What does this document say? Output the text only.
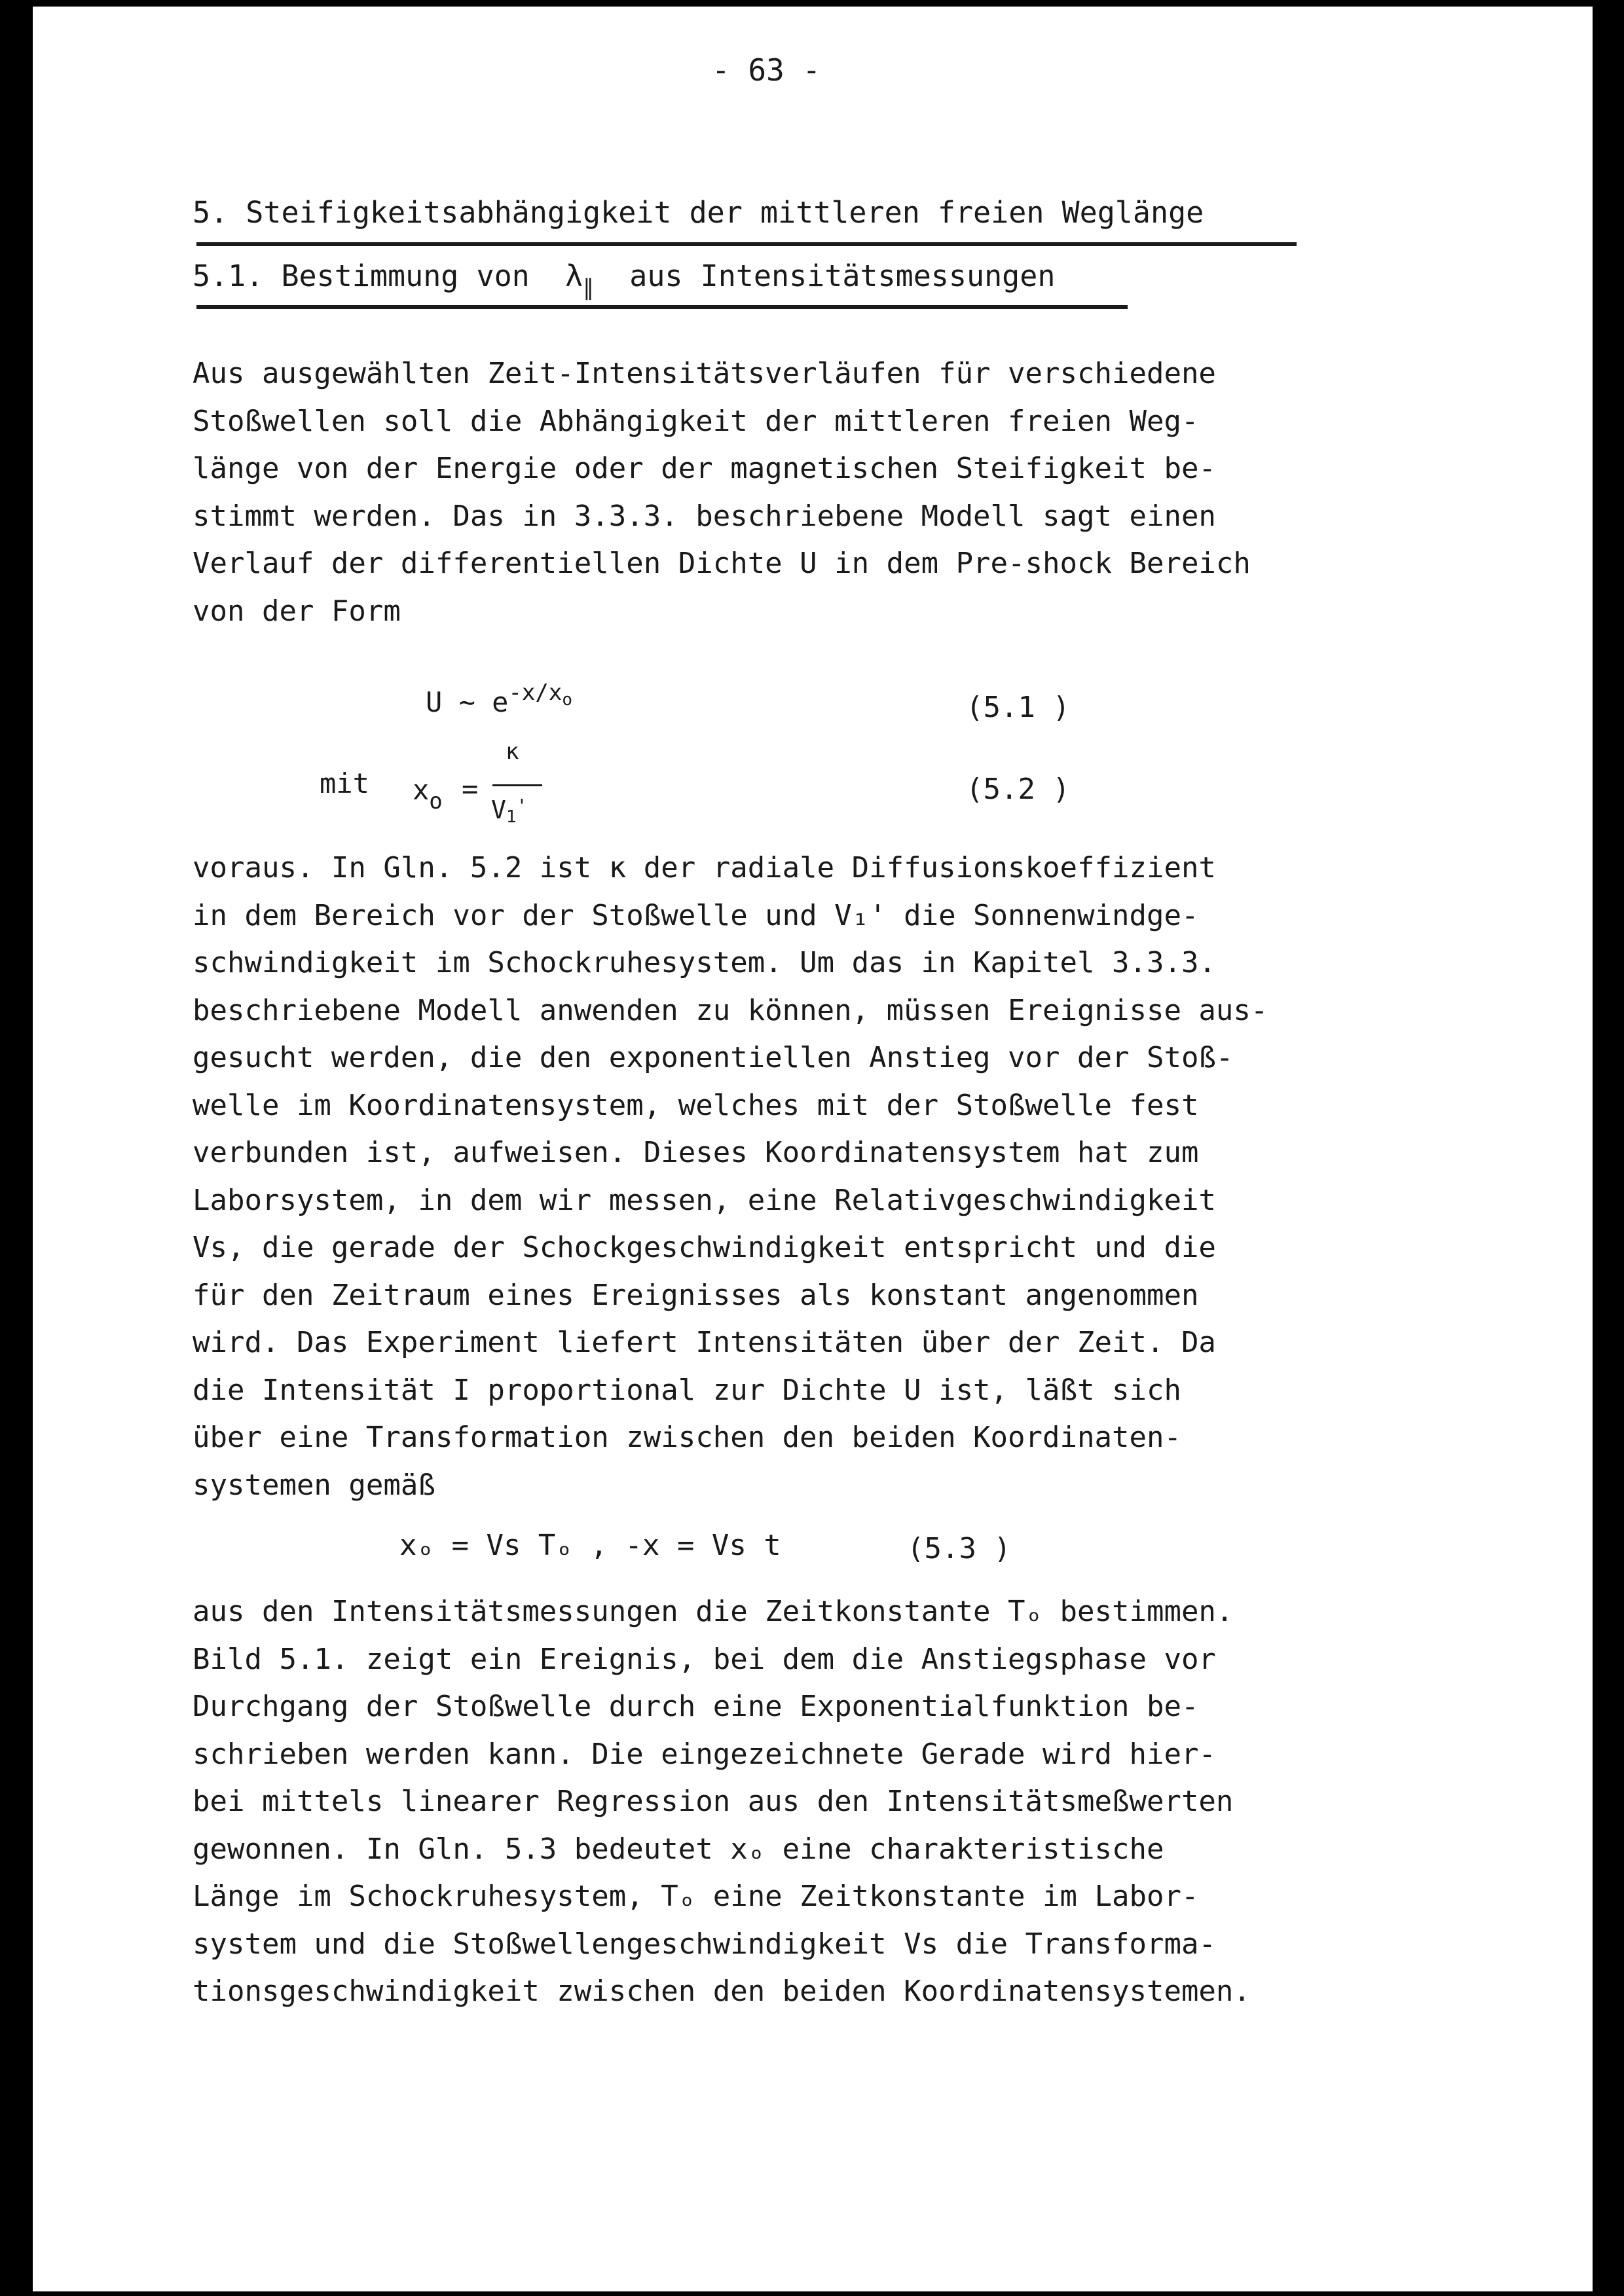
- 63 -
5. Steifigkeitsabhängigkeit der mittleren freien Weglänge
5.1. Bestimmung von $\lambda_\parallel$ aus Intensitätsmessungen
Aus ausgewählten Zeit-Intensitätsverläufen für verschiedene
Stoßwellen soll die Abhängigkeit der mittleren freien Weg-
länge von der Energie oder der magnetischen Steifigkeit be-
stimmt werden. Das in 3.3.3. beschriebene Modell sagt einen
Verlauf der differentiellen Dichte U in dem Pre-shock Bereich
von der Form
U ∼ $e^{-x/x_o}$	(5.1 )
mit $x_o$ =
κ
V1'	(5.2 )
voraus. In Gln. 5.2 ist κ der radiale Diffusionskoeffizient
in dem Bereich vor der Stoßwelle und V₁' die Sonnenwindge-
schwindigkeit im Schockruhesystem. Um das in Kapitel 3.3.3.
beschriebene Modell anwenden zu können, müssen Ereignisse aus-
gesucht werden, die den exponentiellen Anstieg vor der Stoß-
welle im Koordinatensystem, welches mit der Stoßwelle fest
verbunden ist, aufweisen. Dieses Koordinatensystem hat zum
Laborsystem, in dem wir messen, eine Relativgeschwindigkeit
Vs, die gerade der Schockgeschwindigkeit entspricht und die
für den Zeitraum eines Ereignisses als konstant angenommen
wird. Das Experiment liefert Intensitäten über der Zeit. Da
die Intensität I proportional zur Dichte U ist, läßt sich
über eine Transformation zwischen den beiden Koordinaten-
systemen gemäß
xₒ = Vs Tₒ , -x = Vs t	(5.3 )
aus den Intensitätsmessungen die Zeitkonstante Tₒ bestimmen.
Bild 5.1. zeigt ein Ereignis, bei dem die Anstiegsphase vor
Durchgang der Stoßwelle durch eine Exponentialfunktion be-
schrieben werden kann. Die eingezeichnete Gerade wird hier-
bei mittels linearer Regression aus den Intensitätsmeßwerten
gewonnen. In Gln. 5.3 bedeutet xₒ eine charakteristische
Länge im Schockruhesystem, Tₒ eine Zeitkonstante im Labor-
system und die Stoßwellengeschwindigkeit Vs die Transforma-
tionsgeschwindigkeit zwischen den beiden Koordinatensystemen.
